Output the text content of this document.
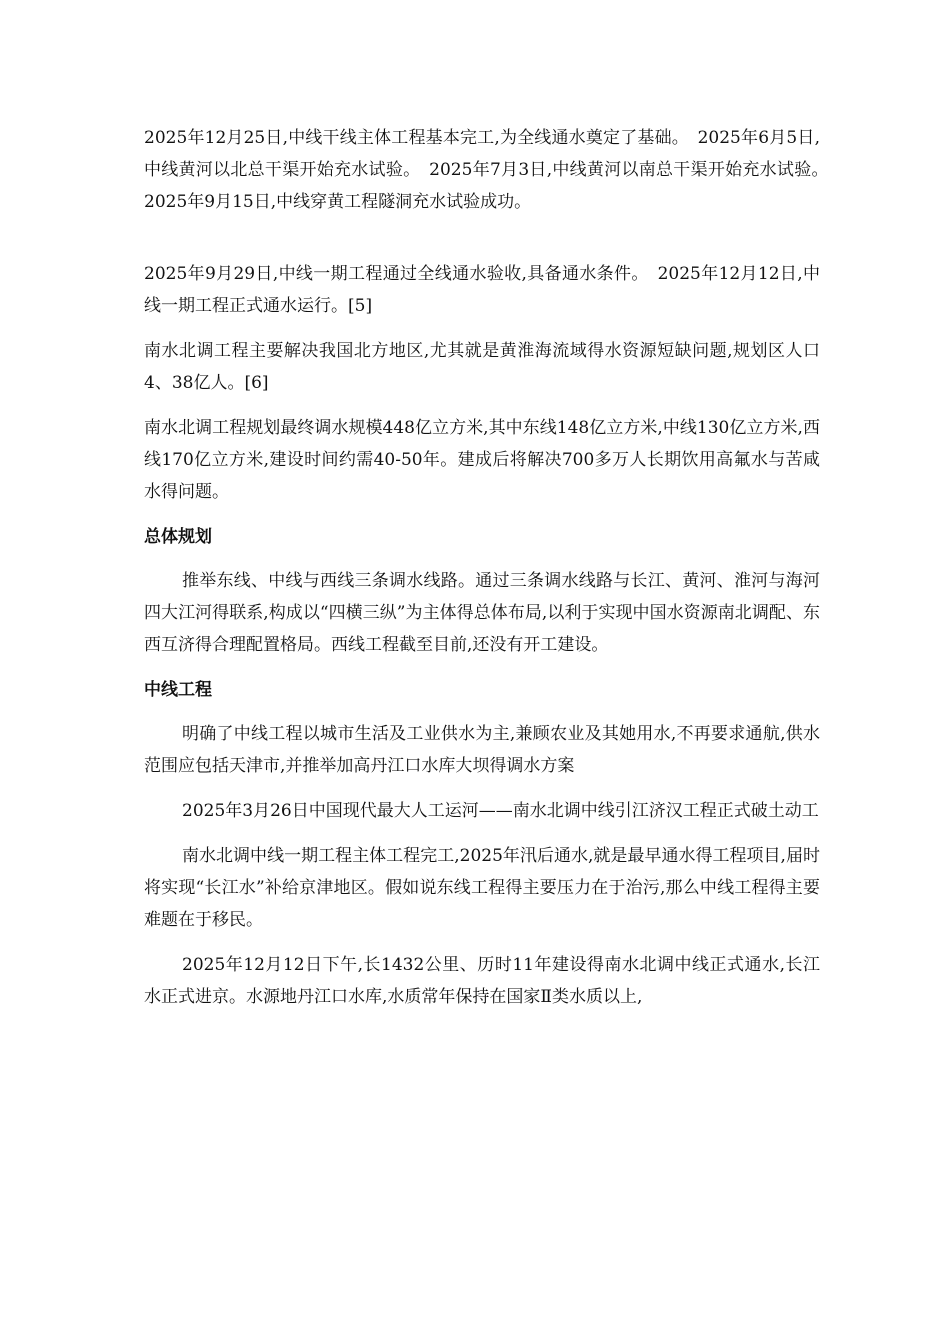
2025年12月25日,中线干线主体工程基本完工,为全线通水奠定了基础。　2025年6月5日,中线黄河以北总干渠开始充水试验。　2025年7月3日,中线黄河以南总干渠开始充水试验。　2025年9月15日,中线穿黄工程隧洞充水试验成功。

2025年9月29日,中线一期工程通过全线通水验收,具备通水条件。　2025年12月12日,中线一期工程正式通水运行。[5]

南水北调工程主要解决我国北方地区,尤其就是黄淮海流域得水资源短缺问题,规划区人口4、38亿人。[6]

南水北调工程规划最终调水规模448亿立方米,其中东线148亿立方米,中线130亿立方米,西线170亿立方米,建设时间约需40-50年。建成后将解决700多万人长期饮用高氟水与苦咸水得问题。

总体规划

推举东线、中线与西线三条调水线路。通过三条调水线路与长江、黄河、淮河与海河四大江河得联系,构成以“四横三纵”为主体得总体布局,以利于实现中国水资源南北调配、东西互济得合理配置格局。西线工程截至目前,还没有开工建设。

中线工程

明确了中线工程以城市生活及工业供水为主,兼顾农业及其她用水,不再要求通航,供水范围应包括天津市,并推举加高丹江口水库大坝得调水方案

2025年3月26日中国现代最大人工运河——南水北调中线引江济汉工程正式破土动工

南水北调中线一期工程主体工程完工,2025年汛后通水,就是最早通水得工程项目,届时将实现“长江水”补给京津地区。假如说东线工程得主要压力在于治污,那么中线工程得主要难题在于移民。

2025年12月12日下午,长1432公里、历时11年建设得南水北调中线正式通水,长江水正式进京。水源地丹江口水库,水质常年保持在国家Ⅱ类水质以上,
